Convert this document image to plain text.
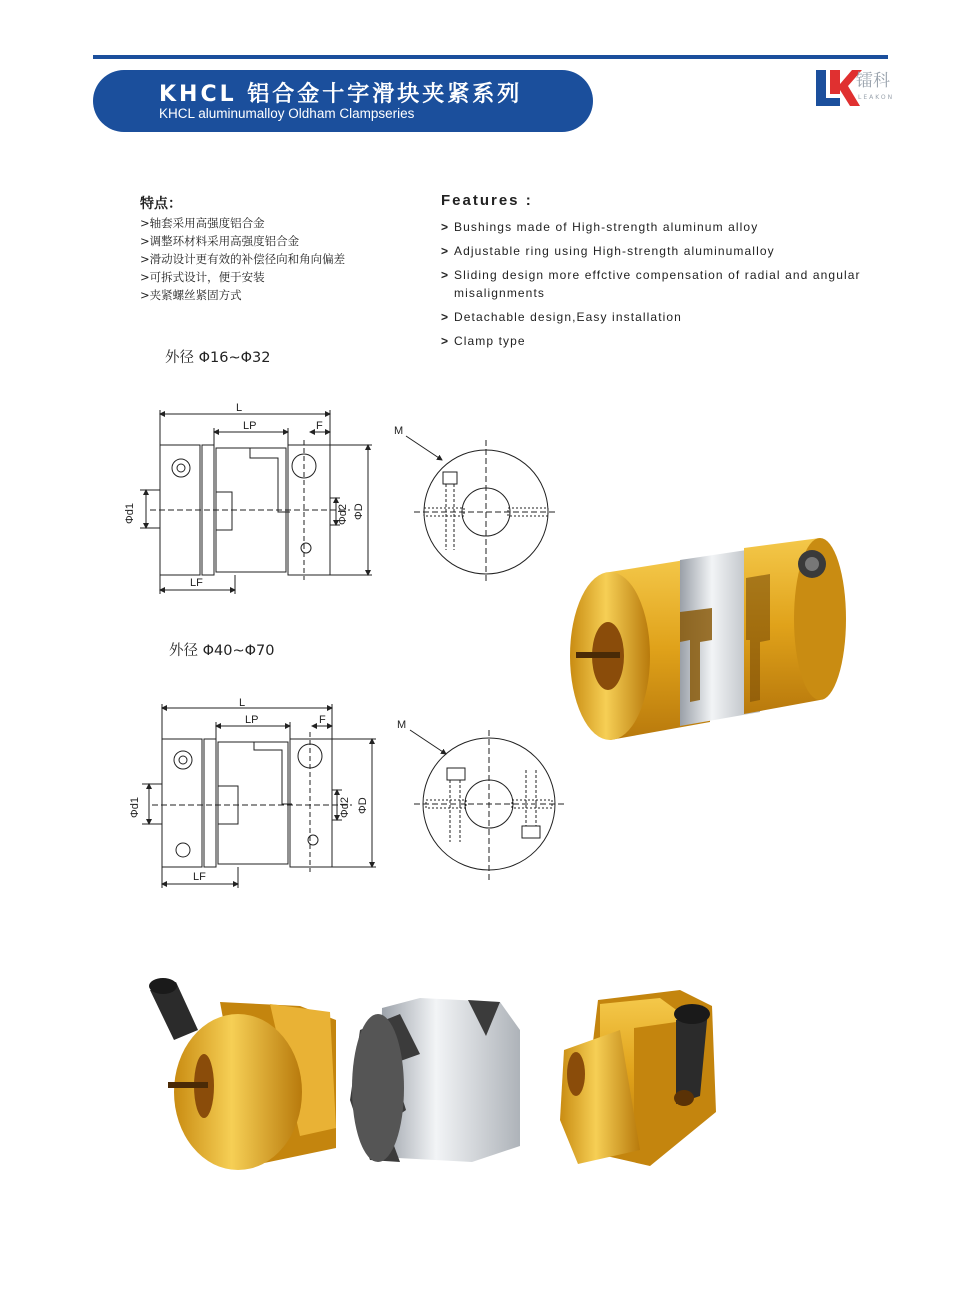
KHCL 铝合金十字滑块夹紧系列
KHCL aluminumalloy Oldham Clampseries
镭科
LEAKON
特点：
>轴套采用高强度铝合金
>调整环材料采用高强度铝合金
>滑动设计更有效的补偿径向和角向偏差
>可拆式设计，便于安装
>夹紧螺丝紧固方式
Features :
> Bushings made of High-strength aluminum alloy
> Adjustable ring using High-strength aluminumalloy
> Sliding design more effctive compensation of radial and angular misalignments
> Detachable design,Easy installation
> Clamp type
外径 Φ16~Φ32
外径 Φ40~Φ70
L
LP	F
Φd1	Φd2 ΦD
LF
M
L
LP	F
Φd1	Φd2 ΦD
LF
M
